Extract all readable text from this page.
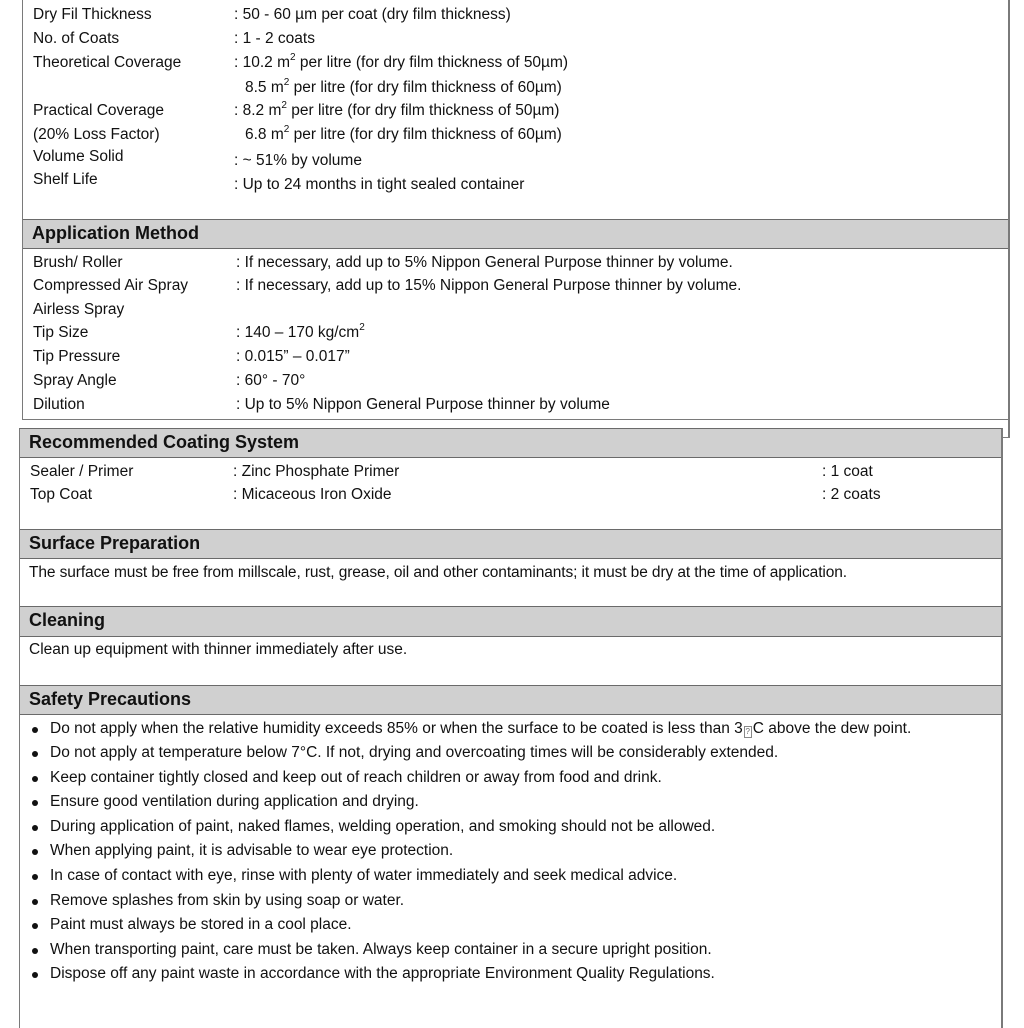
Dry Fil Thickness	: 50 - 60 µm per coat (dry film thickness)
No. of Coats	: 1 - 2 coats
Theoretical Coverage	: 10.2 $m^2$ per litre (for dry film thickness of 50µm)
8.5 $m^2$ per litre (for dry film thickness of 60µm)
Practical Coverage	: 8.2 $m^2$ per litre (for dry film thickness of 50µm)
(20% Loss Factor)	6.8 $m^2$ per litre (for dry film thickness of 60µm)
Volume Solid	: ~ 51% by volume
Shelf Life	: Up to 24 months in tight sealed container
Application Method
Brush/ Roller	: If necessary, add up to 5% Nippon General Purpose thinner by volume.
Compressed Air Spray	: If necessary, add up to 15% Nippon General Purpose thinner by volume.
Airless Spray
Tip Size	: 140 – 170 $kg/cm^2$
Tip Pressure	: 0.015” – 0.017”
Spray Angle	: 60° - 70°
Dilution	: Up to 5% Nippon General Purpose thinner by volume
Recommended Coating System
Sealer / Primer	: Zinc Phosphate Primer	: 1 coat
Top Coat	: Micaceous Iron Oxide	: 2 coats
Surface Preparation
The surface must be free from millscale, rust, grease, oil and other contaminants; it must be dry at the time of application.
Cleaning
Clean up equipment with thinner immediately after use.
Safety Precautions
Do not apply when the relative humidity exceeds 85% or when the surface to be coated is less than 3 ? C above the dew point.
Do not apply at temperature below 7°C. If not, drying and overcoating times will be considerably extended.
Keep container tightly closed and keep out of reach children or away from food and drink.
Ensure good ventilation during application and drying.
During application of paint, naked flames, welding operation, and smoking should not be allowed.
When applying paint, it is advisable to wear eye protection.
In case of contact with eye, rinse with plenty of water immediately and seek medical advice.
Remove splashes from skin by using soap or water.
Paint must always be stored in a cool place.
When transporting paint, care must be taken. Always keep container in a secure upright position.
Dispose off any paint waste in accordance with the appropriate Environment Quality Regulations.
